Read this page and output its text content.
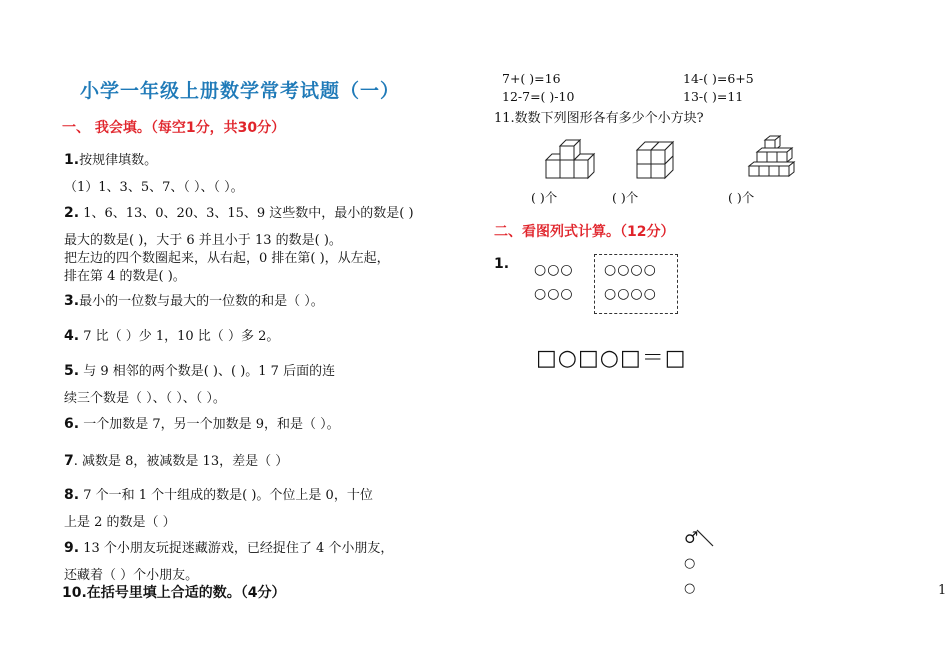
小学一年级上册数学常考试题（一）
一、 我会填。（每空1分，共30分）
1.按规律填数。
（1）1、3、5、7、（ ）、（ ）。
2. 1、6、13、0、20、3、15、9 这些数中，最小的数是( )
最大的数是( )，大于 6 并且小于 13 的数是( )。
把左边的四个数圈起来，从右起，0 排在第( )，从左起，
排在第 4 的数是( )。
3.最小的一位数与最大的一位数的和是（ ）。
4. 7 比（ ）少 1，10 比（ ）多 2。
5. 与 9 相邻的两个数是( )、( )。1 7 后面的连
续三个数是（ ）、（ ）、（ ）。
6. 一个加数是 7，另一个加数是 9，和是（ ）。
7. 减数是 8，被减数是 13，差是（ ）
8. 7 个一和 1 个十组成的数是( )。个位上是 0，十位
上是 2 的数是（ ）
9. 13 个小朋友玩捉迷藏游戏，已经捉住了 4 个小朋友，
还藏着（ ）个小朋友。
10.在括号里填上合适的数。（4分）
7+( )=16	14-( )=6+5
12-7=( )-10	13-( )=11
11.数数下列图形各有多少个小方块?
( )个	( )个	( )个
二、看图列式计算。（12分）
1. ○○○
○○○
○○○○
○○○○
□○□○□＝□
♂
○
○	1
